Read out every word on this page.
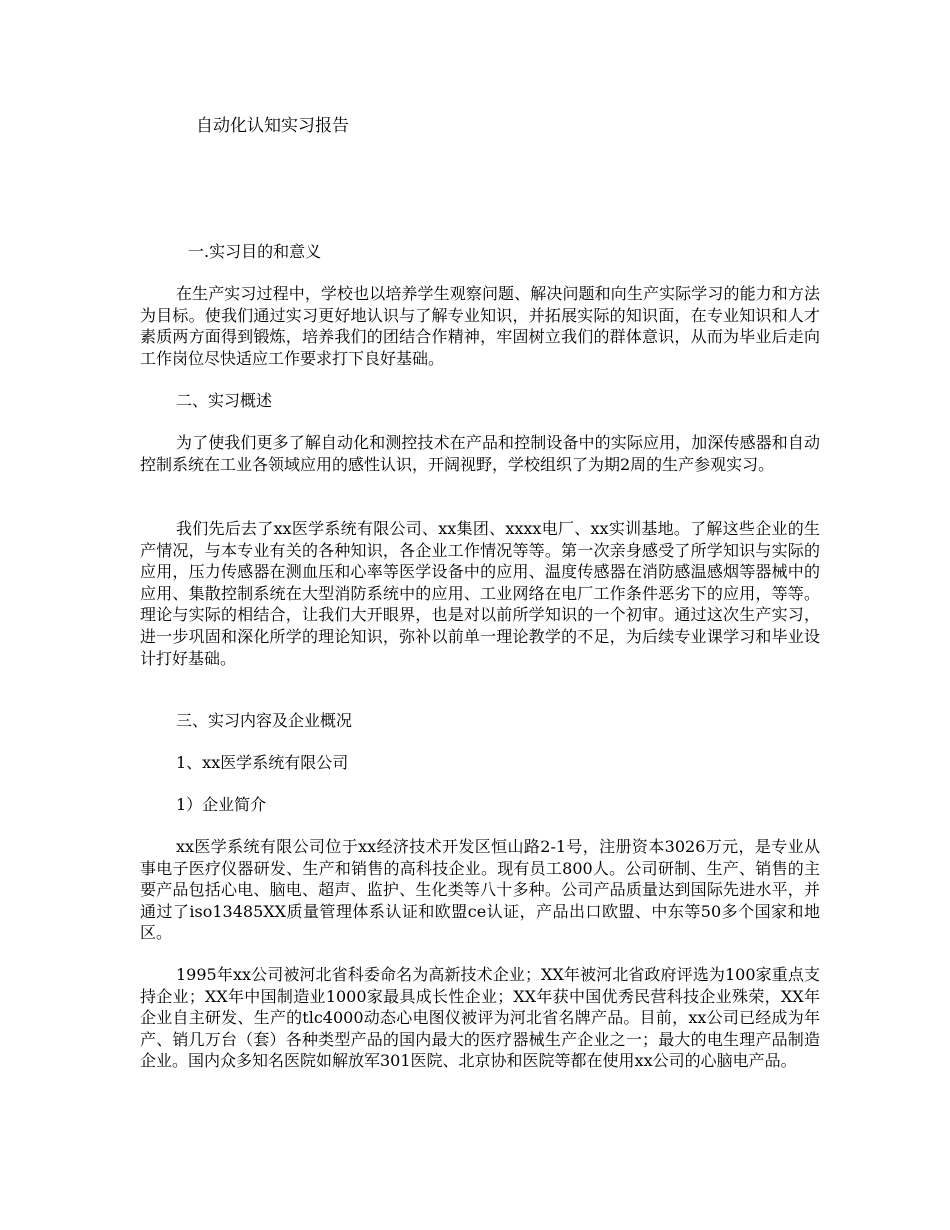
自动化认知实习报告
一.实习目的和意义
在生产实习过程中，学校也以培养学生观察问题、解决问题和向生产实际学习的能力和方法为目标。使我们通过实习更好地认识与了解专业知识，并拓展实际的知识面，在专业知识和人才素质两方面得到锻炼，培养我们的团结合作精神，牢固树立我们的群体意识，从而为毕业后走向工作岗位尽快适应工作要求打下良好基础。
二、实习概述
为了使我们更多了解自动化和测控技术在产品和控制设备中的实际应用，加深传感器和自动控制系统在工业各领域应用的感性认识，开阔视野，学校组织了为期2周的生产参观实习。
我们先后去了xx医学系统有限公司、xx集团、xxxx电厂、xx实训基地。了解这些企业的生产情况，与本专业有关的各种知识，各企业工作情况等等。第一次亲身感受了所学知识与实际的应用，压力传感器在测血压和心率等医学设备中的应用、温度传感器在消防感温感烟等器械中的应用、集散控制系统在大型消防系统中的应用、工业网络在电厂工作条件恶劣下的应用，等等。理论与实际的相结合，让我们大开眼界，也是对以前所学知识的一个初审。通过这次生产实习，进一步巩固和深化所学的理论知识，弥补以前单一理论教学的不足，为后续专业课学习和毕业设计打好基础。
三、实习内容及企业概况
1、xx医学系统有限公司
1）企业简介
xx医学系统有限公司位于xx经济技术开发区恒山路2-1号，注册资本3026万元，是专业从事电子医疗仪器研发、生产和销售的高科技企业。现有员工800人。公司研制、生产、销售的主要产品包括心电、脑电、超声、监护、生化类等八十多种。公司产品质量达到国际先进水平，并通过了iso13485XX质量管理体系认证和欧盟ce认证，产品出口欧盟、中东等50多个国家和地区。
1995年xx公司被河北省科委命名为高新技术企业；XX年被河北省政府评选为100家重点支持企业；XX年中国制造业1000家最具成长性企业；XX年获中国优秀民营科技企业殊荣，XX年企业自主研发、生产的tlc4000动态心电图仪被评为河北省名牌产品。目前，xx公司已经成为年产、销几万台（套）各种类型产品的国内最大的医疗器械生产企业之一；最大的电生理产品制造企业。国内众多知名医院如解放军301医院、北京协和医院等都在使用xx公司的心脑电产品。
